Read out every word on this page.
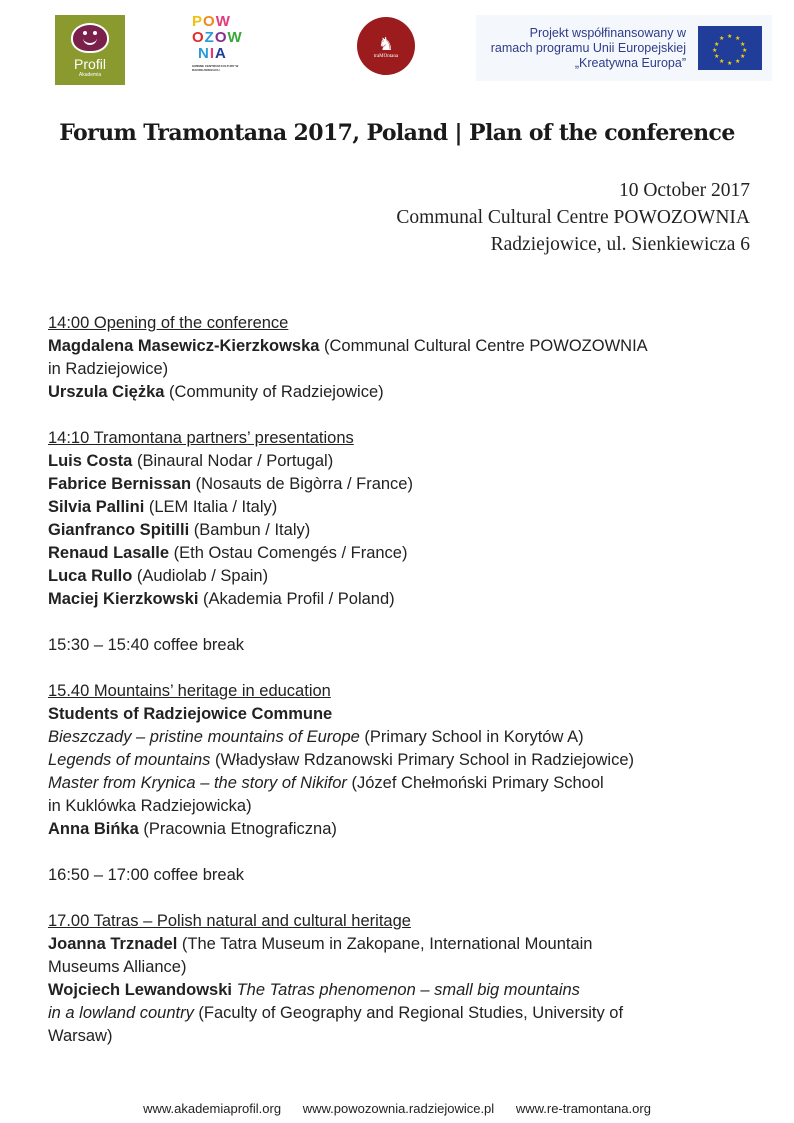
Profil
Akademia
POW
OZOW
NIA
GMINNE CENTRUM KULTURY W RADZIEJOWICACH
♞
traMOntana
Projekt współfinansowany w
ramach programu Unii Europejskiej
„Kreatywna Europa”
★ ★
★
★
★
★
★
★
★
★
★
★
Forum Tramontana 2017, Poland | Plan of the conference
10 October 2017
Communal Cultural Centre POWOZOWNIA
Radziejowice, ul. Sienkiewicza 6
14:00 Opening of the conference
Magdalena Masewicz-Kierzkowska (Communal Cultural Centre POWOZOWNIA
in Radziejowice)
Urszula Ciężka (Community of Radziejowice)
14:10 Tramontana partners’ presentations
Luis Costa (Binaural Nodar / Portugal)
Fabrice Bernissan (Nosauts de Bigòrra / France)
Silvia Pallini (LEM Italia / Italy)
Gianfranco Spitilli (Bambun / Italy)
Renaud Lasalle (Eth Ostau Comengés / France)
Luca Rullo (Audiolab / Spain)
Maciej Kierzkowski (Akademia Profil / Poland)
15:30 – 15:40 coffee break
15.40 Mountains’ heritage in education
Students of Radziejowice Commune
Bieszczady – pristine mountains of Europe (Primary School in Korytów A)
Legends of mountains (Władysław Rdzanowski Primary School in Radziejowice)
Master from Krynica – the story of Nikifor (Józef Chełmoński Primary School
in Kuklówka Radziejowicka)
Anna Bińka (Pracownia Etnograficzna)
16:50 – 17:00 coffee break
17.00 Tatras – Polish natural and cultural heritage
Joanna Trznadel (The Tatra Museum in Zakopane, International Mountain
Museums Alliance)
Wojciech Lewandowski The Tatras phenomenon – small big mountains
in a lowland country (Faculty of Geography and Regional Studies, University of
Warsaw)
www.akademiaprofil.org www.powozownia.radziejowice.pl www.re-tramontana.org
